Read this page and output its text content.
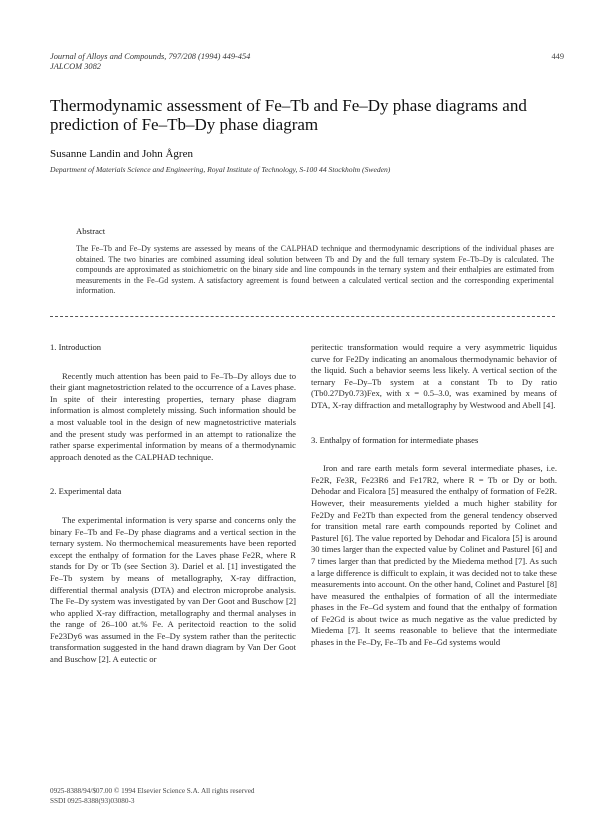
Journal of Alloys and Compounds, 797/208 (1994) 449-454
JALCOM 3082
449
Thermodynamic assessment of Fe–Tb and Fe–Dy phase diagrams and prediction of Fe–Tb–Dy phase diagram
Susanne Landin and John Ågren
Department of Materials Science and Engineering, Royal Institute of Technology, S-100 44 Stockholm (Sweden)
Abstract

The Fe–Tb and Fe–Dy systems are assessed by means of the CALPHAD technique and thermodynamic descriptions of the individual phases are obtained. The two binaries are combined assuming ideal solution between Tb and Dy and the full ternary system Fe–Tb–Dy is calculated. The compounds are approximated as stoichiometric on the binary side and line compounds in the ternary system and their enthalpies are estimated from measurements in the Fe–Gd system. A satisfactory agreement is found between a calculated vertical section and the corresponding experimental information.

1. Introduction

Recently much attention has been paid to Fe–Tb–Dy alloys due to their giant magnetostriction related to the occurrence of a Laves phase. In spite of their interesting properties, ternary phase diagram information is almost completely missing. Such information should be a most valuable tool in the design of new magnetostrictive materials and the present study was performed in an attempt to rationalize the rather sparse experimental information by means of a thermodynamic approach denoted as the CALPHAD technique.

2. Experimental data

The experimental information is very sparse and concerns only the binary Fe–Tb and Fe–Dy phase diagrams and a vertical section in the ternary system. No thermochemical measurements have been reported except the enthalpy of formation for the Laves phase Fe2R, where R stands for Dy or Tb (see Section 3). Dariel et al. [1] investigated the Fe–Tb system by means of metallography, X-ray diffraction, differential thermal analysis (DTA) and electron microprobe analysis. The Fe–Dy system was investigated by van Der Goot and Buschow [2] who applied X-ray diffraction, metallography and thermal analyses in the range of 26–100 at.% Fe. A peritectoid reaction to the solid Fe23Dy6 was assumed in the Fe–Dy system rather than the peritectic transformation suggested in the hand drawn diagram by Van Der Goot and Buschow [2]. A eutectic or

peritectic transformation would require a very asymmetric liquidus curve for Fe2Dy indicating an anomalous thermodynamic behavior of the liquid. Such a behavior seems less likely. A vertical section of the ternary Fe–Dy–Tb system at a constant Tb to Dy ratio (Tb0.27Dy0.73)Fex, with x = 0.5–3.0, was examined by means of DTA, X-ray diffraction and metallography by Westwood and Abell [4].

3. Enthalpy of formation for intermediate phases

Iron and rare earth metals form several intermediate phases, i.e. Fe2R, Fe3R, Fe23R6 and Fe17R2, where R = Tb or Dy or both. Dehodar and Ficalora [5] measured the enthalpy of formation of Fe2R. However, their measurements yielded a much higher stability for Fe2Dy and Fe2Tb than expected from the general tendency observed for transition metal rare earth compounds reported by Colinet and Pasturel [6]. The value reported by Dehodar and Ficalora [5] is around 30 times larger than the expected value by Colinet and Pasturel [6] and 7 times larger than that predicted by the Miedema method [7]. As such a large difference is difficult to explain, it was decided not to take these measurements into account. On the other hand, Colinet and Pasturel [8] have measured the enthalpies of formation of all the intermediate phases in the Fe–Gd system and found that the enthalpy of formation of Fe2Gd is about twice as much negative as the value predicted by Miedema [7]. It seems reasonable to believe that the intermediate phases in the Fe–Dy, Fe–Tb and Fe–Gd systems would

0925-8388/94/$07.00 © 1994 Elsevier Science S.A. All rights reserved
SSDI 0925-8388(93)03080-3
